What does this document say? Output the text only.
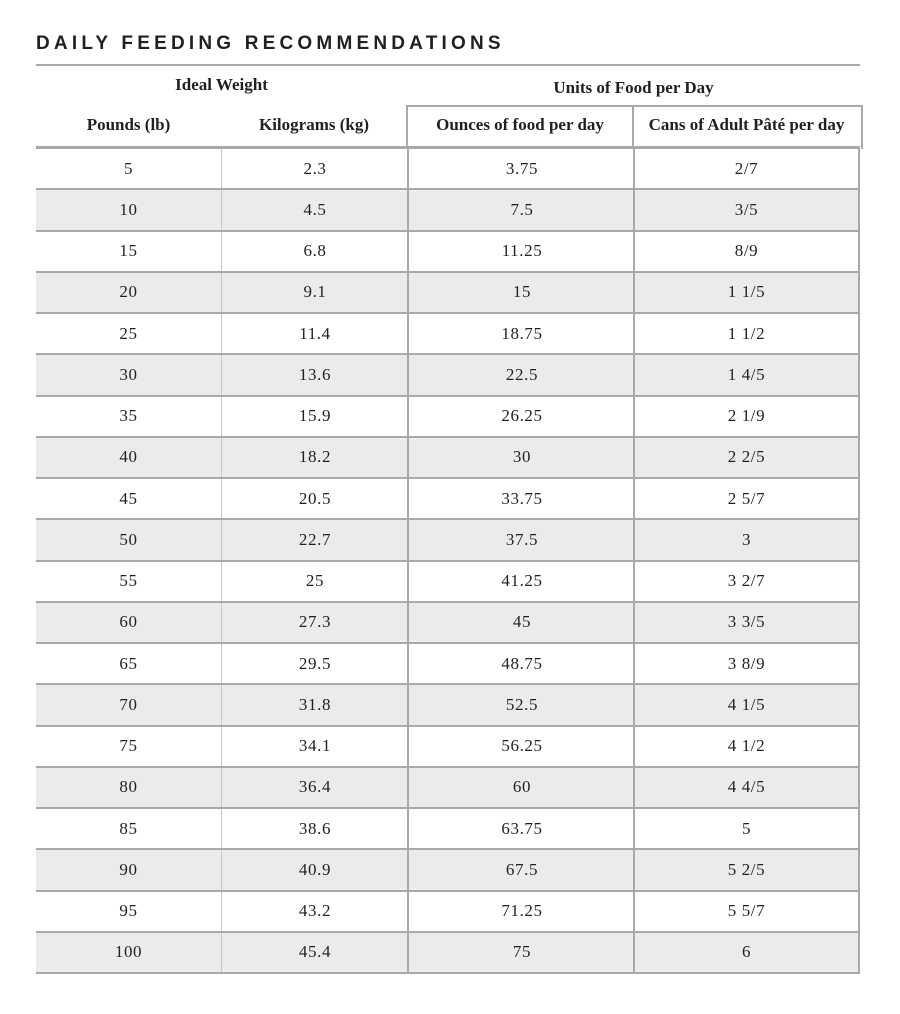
DAILY FEEDING RECOMMENDATIONS
Ideal Weight	Units of Food per Day
Pounds (lb)	Kilograms (kg)	Ounces of food per day	Cans of Adult Pâté per day
5	2.3	3.75	2/7
10	4.5	7.5	3/5
15	6.8	11.25	8/9
20	9.1	15	1 1/5
25	11.4	18.75	1 1/2
30	13.6	22.5	1 4/5
35	15.9	26.25	2 1/9
40	18.2	30	2 2/5
45	20.5	33.75	2 5/7
50	22.7	37.5	3
55	25	41.25	3 2/7
60	27.3	45	3 3/5
65	29.5	48.75	3 8/9
70	31.8	52.5	4 1/5
75	34.1	56.25	4 1/2
80	36.4	60	4 4/5
85	38.6	63.75	5
90	40.9	67.5	5 2/5
95	43.2	71.25	5 5/7
100	45.4	75	6
